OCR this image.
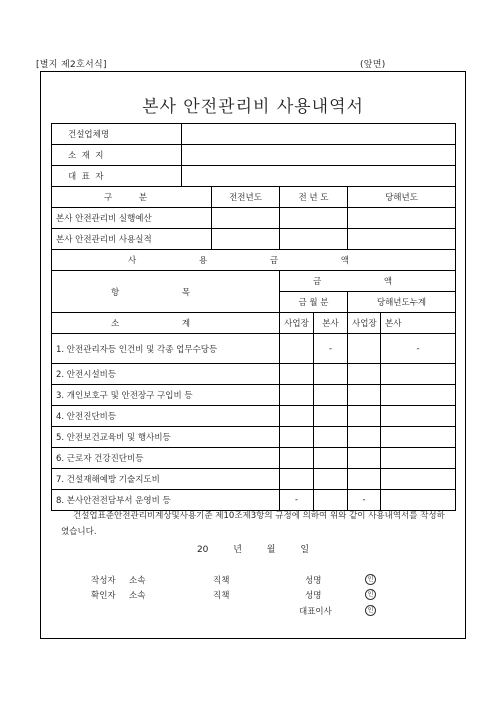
[별지 제2호서식]	(앞면)
본사 안전관리비 사용내역서
건설업체명						
소  재  지						
대  표  자						
구 분		전전년도	전 년 도		당해년도	
본사 안전관리비 실행예산						
본사 안전관리비 사용실적						
사 용 금 액						
항 목			금 액			
			금 월 분		당해년도누계	
소 계			사업장	본사	사업장	본사
1. 안전관리자등 인건비 및 각종 업무수당등				-		-
2. 안전시설비등						
3. 개인보호구 및 안전장구 구입비 등						
4. 안전진단비등						
5. 안전보건교육비 및 행사비등						
6. 근로자 건강진단비등						
7. 건설재해예방 기술지도비						
8. 본사안전전담부서 운영비 등			-		-	
건설업표준안전관리비계상및사용기준 제10조제3항의 규정에 의하여 위와 같이 사용내역서를 작성하였습니다.
20 년 월 일
작성자 소속	직책	성명	인
확인자 소속	직책	성명	인
대표이사	인
